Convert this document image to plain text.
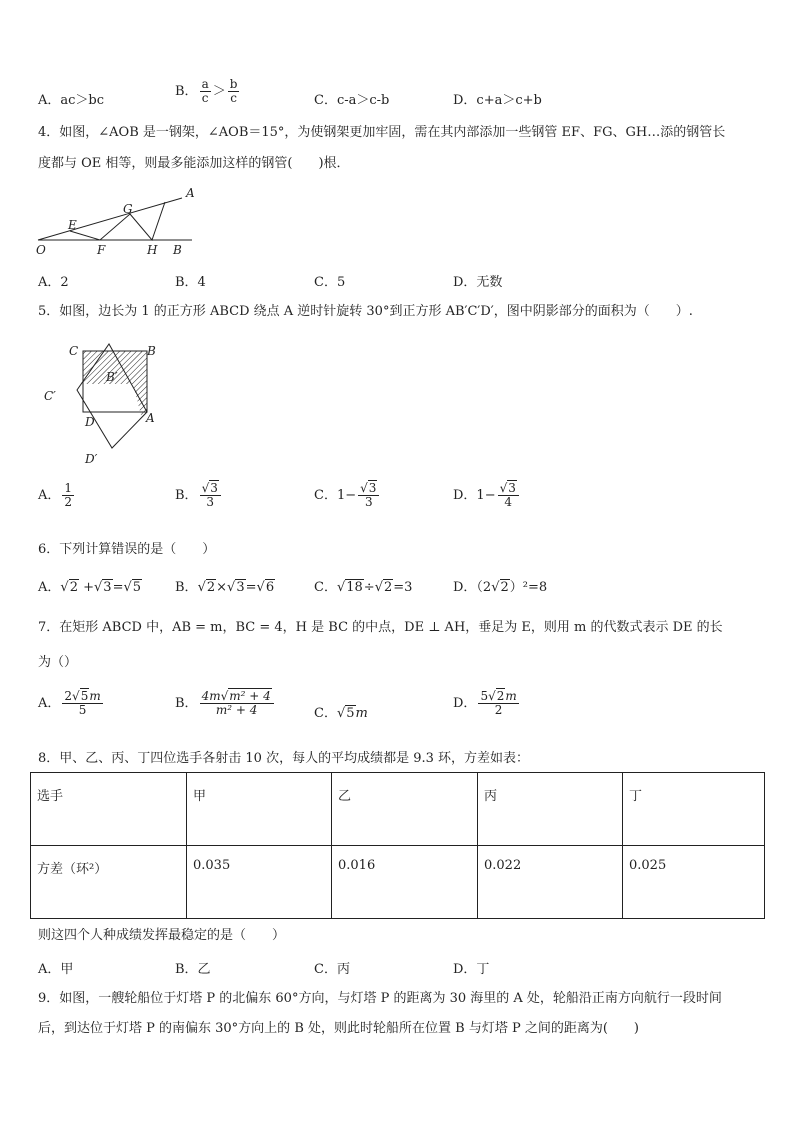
A．ac＞bc
B． $\frac{a}{c} > \frac{b}{c}$	C．c-a＞c-b	D．c+a＞c+b
4．如图，∠AOB 是一钢架，∠AOB＝15°，为使钢架更加牢固，需在其内部添加一些钢管 EF、FG、GH…添的钢管长
度都与 OE 相等，则最多能添加这样的钢管(　　)根．
A
E
G
O	F	H B
A．2	B．4	C．5	D．无数
5．如图，边长为 1 的正方形 ABCD 绕点 A 逆时针旋转 30°到正方形 AB′C′D′，图中阴影部分的面积为（　　）.
C	B
B′
C′
D	A
D′
A． $\frac{1}{2}$	B． $\frac{√3}{3}$	C．$1- \frac{√3}{3}$	D．$1- \frac{√3}{4}$
6．下列计算错误的是（　　）
A．√2 +√3=√5	B．√2×√3=√6	C．√18÷√2=3	D．（2√2）²=8
7．在矩形 ABCD 中，AB = m，BC = 4，H 是 BC 的中点，DE ⊥ AH，垂足为 E，则用 m 的代数式表示 DE 的长
为（）
A． $\frac{2√5m}{5}$	B． $\frac{\text{4m√m² + 4}}{\text{m² + 4}}$	C．√5m
D． $\frac{5√2m}{2}$
8．甲、乙、丙、丁四位选手各射击 10 次，每人的平均成绩都是 9.3 环，方差如表：
选手	甲	乙	丙	丁
方差（环²）	0.035	0.016	0.022	0.025
则这四个人种成绩发挥最稳定的是（　　）
A．甲	B．乙	C．丙	D．丁
9．如图，一艘轮船位于灯塔 P 的北偏东 60°方向，与灯塔 P 的距离为 30 海里的 A 处，轮船沿正南方向航行一段时间
后，到达位于灯塔 P 的南偏东 30°方向上的 B 处，则此时轮船所在位置 B 与灯塔 P 之间的距离为(　　)
